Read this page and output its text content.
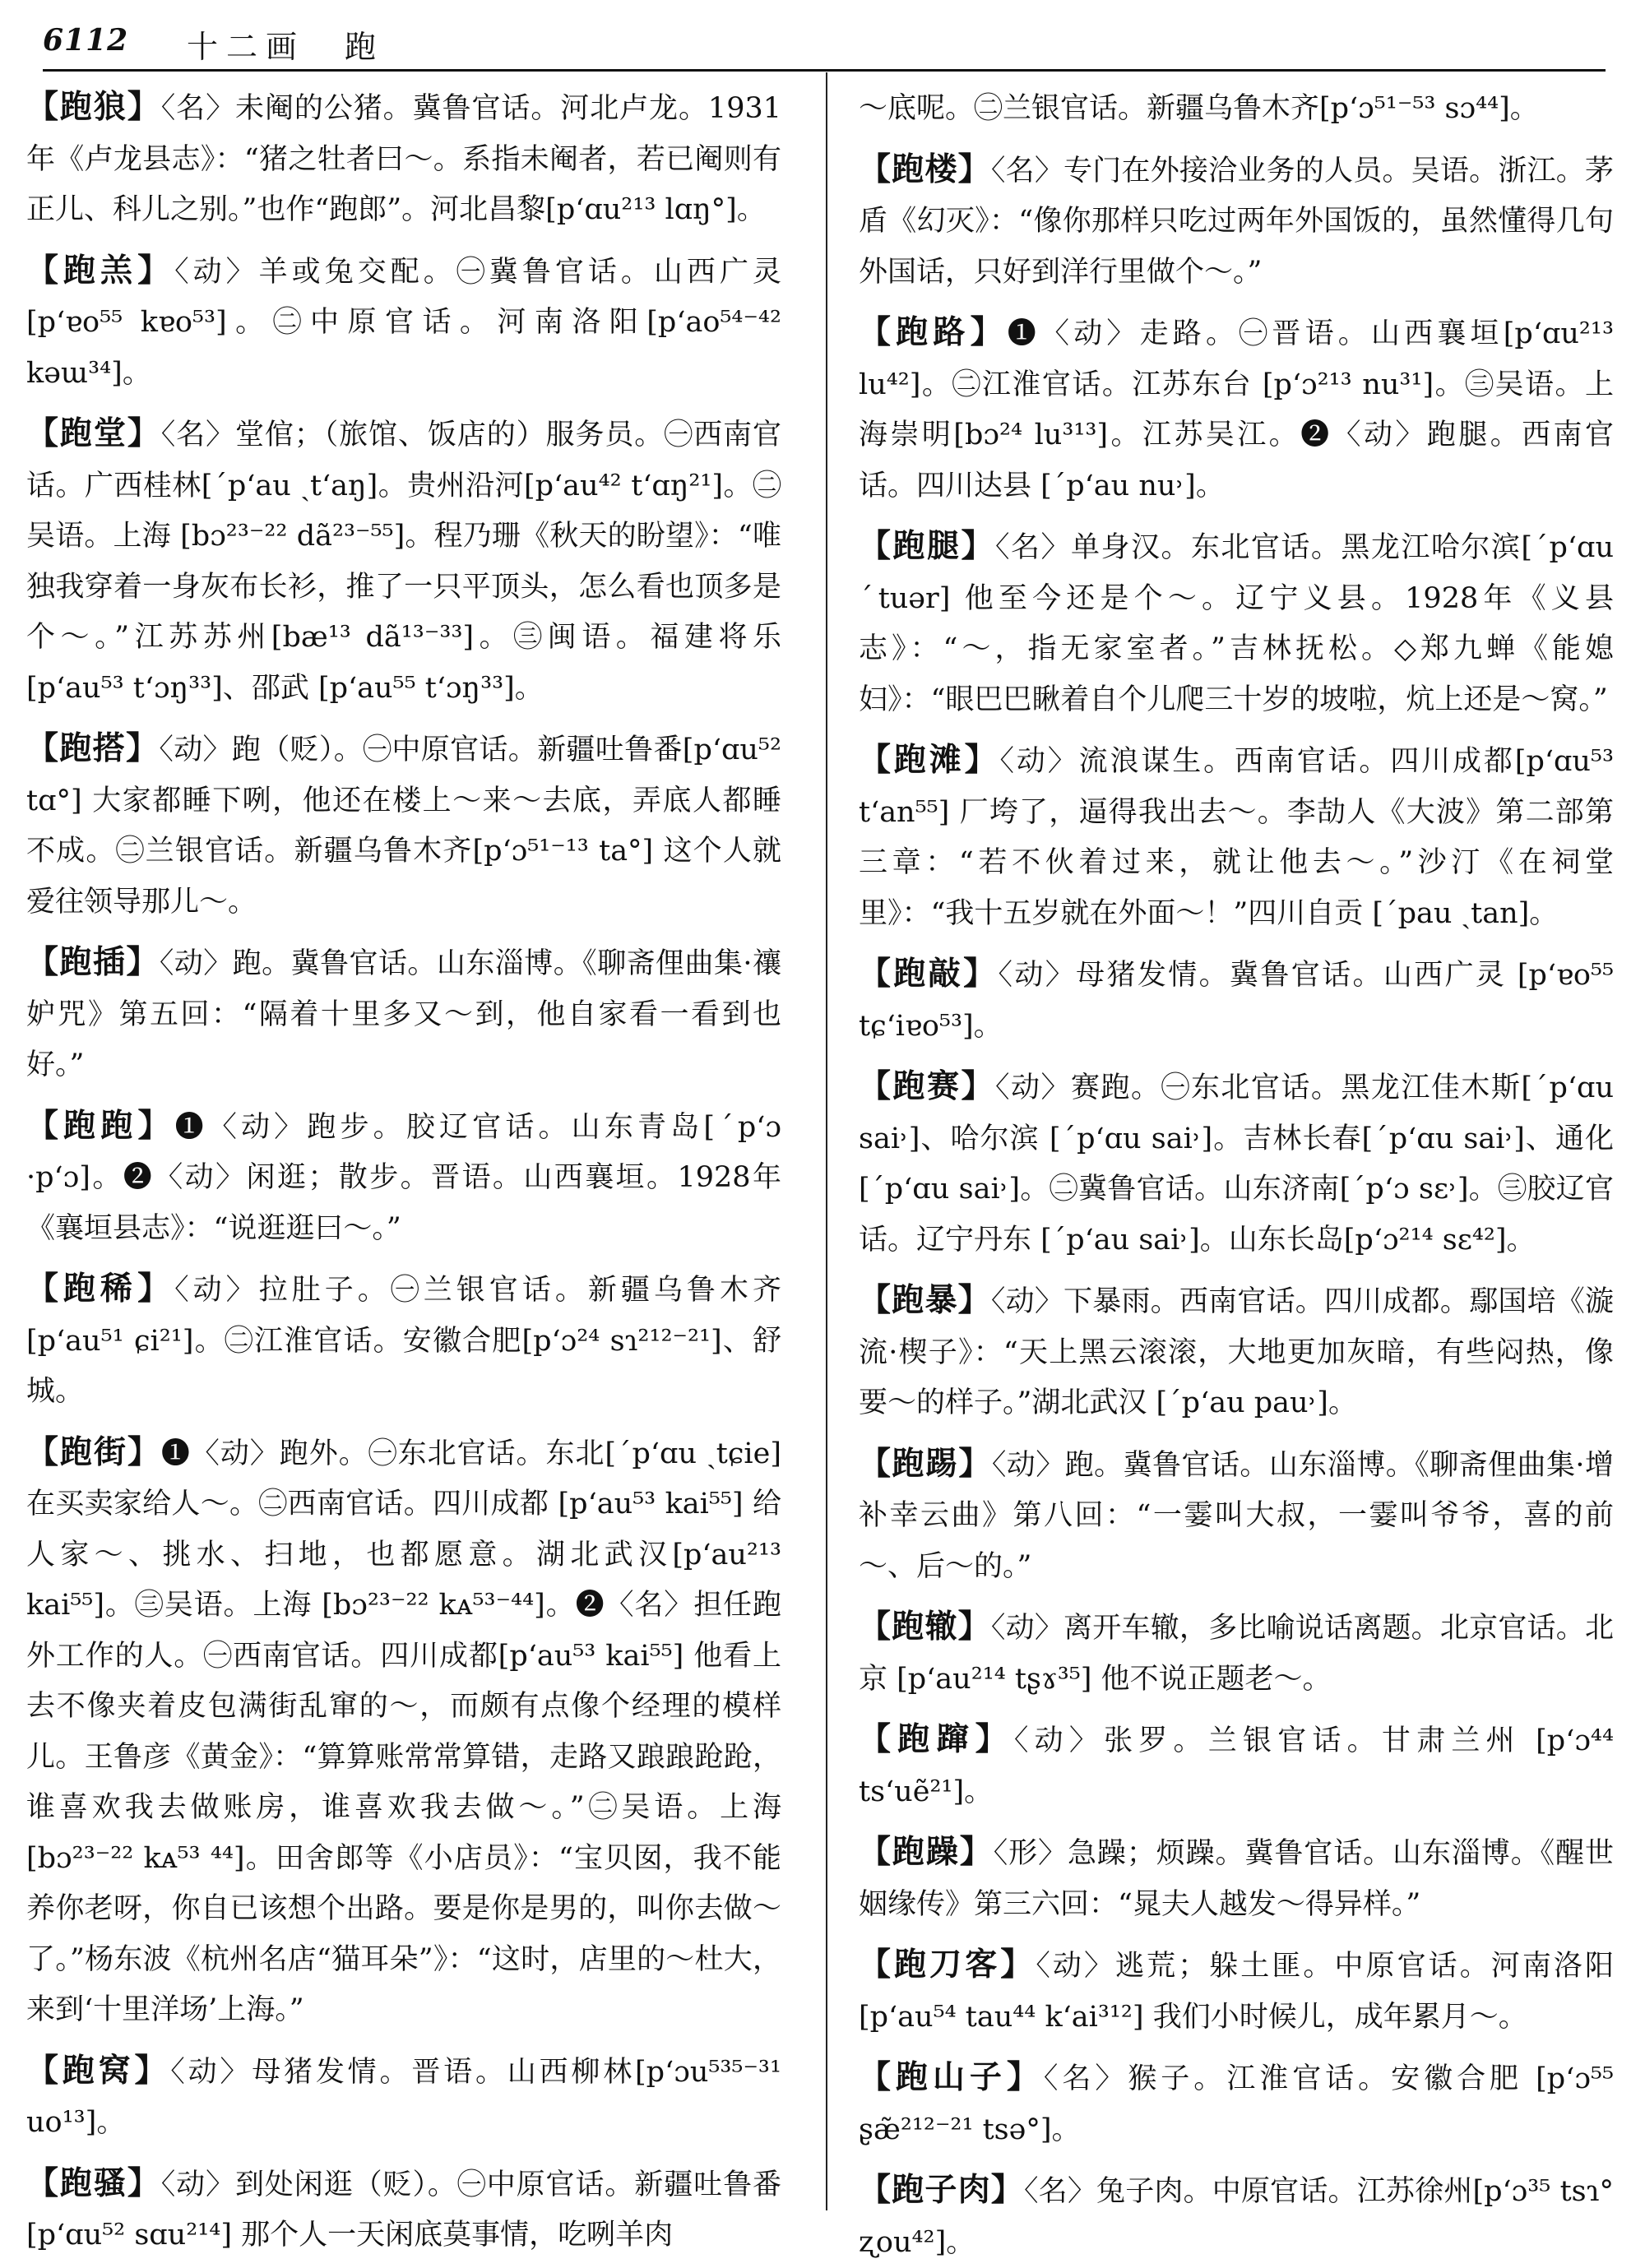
6112 十二画　跑
【跑狼】〈名〉未阉的公猪。冀鲁官话。河北卢龙。1931年《卢龙县志》：“猪之牡者曰～。系指未阉者，若已阉则有正儿、科儿之别。”也作“跑郎”。河北昌黎[p‘ɑu²¹³ lɑŋ°]。
【跑羔】〈动〉羊或兔交配。㊀冀鲁官话。山西广灵[p‘ɐo⁵⁵ kɐo⁵³]。㊁中原官话。河南洛阳[p‘ao⁵⁴⁻⁴² kəɯ³⁴]。
【跑堂】〈名〉堂倌；（旅馆、饭店的）服务员。㊀西南官话。广西桂林[ˊp‘au ˏt‘aŋ]。贵州沿河[p‘au⁴² t‘ɑŋ²¹]。㊁吴语。上海 [bɔ²³⁻²² dã²³⁻⁵⁵]。程乃珊《秋天的盼望》：“唯独我穿着一身灰布长衫，推了一只平顶头，怎么看也顶多是个～。”江苏苏州[bæ¹³ dã¹³⁻³³]。㊂闽语。福建将乐 [p‘au⁵³ t‘ɔŋ³³]、邵武 [p‘au⁵⁵ t‘ɔŋ³³]。
【跑搭】〈动〉跑（贬）。㊀中原官话。新疆吐鲁番[p‘ɑu⁵² tɑ°] 大家都睡下咧，他还在楼上～来～去底，弄底人都睡不成。㊁兰银官话。新疆乌鲁木齐[p‘ɔ⁵¹⁻¹³ ta°] 这个人就爱往领导那儿～。
【跑插】〈动〉跑。冀鲁官话。山东淄博。《聊斋俚曲集·禳妒咒》第五回：“隔着十里多又～到，他自家看一看到也好。”
【跑跑】❶〈动〉跑步。胶辽官话。山东青岛[ˊp‘ɔ ·p‘ɔ]。❷〈动〉闲逛；散步。晋语。山西襄垣。1928年《襄垣县志》：“说逛逛曰～。”
【跑稀】〈动〉拉肚子。㊀兰银官话。新疆乌鲁木齐[p‘au⁵¹ ɕi²¹]。㊁江淮官话。安徽合肥[p‘ɔ²⁴ sɿ²¹²⁻²¹]、舒城。
【跑街】❶〈动〉跑外。㊀东北官话。东北[ˊp‘ɑu ˏtɕie] 在买卖家给人～。㊁西南官话。四川成都 [p‘au⁵³ kai⁵⁵] 给人家～、挑水、扫地，也都愿意。湖北武汉[p‘au²¹³ kai⁵⁵]。㊂吴语。上海 [bɔ²³⁻²² kᴀ⁵³⁻⁴⁴]。❷〈名〉担任跑外工作的人。㊀西南官话。四川成都[p‘au⁵³ kai⁵⁵] 他看上去不像夹着皮包满街乱窜的～，而颇有点像个经理的模样儿。王鲁彦《黄金》：“算算账常常算错，走路又踉踉跄跄，谁喜欢我去做账房，谁喜欢我去做～。”㊁吴语。上海 [bɔ²³⁻²² kᴀ⁵³ ⁴⁴]。田舍郎等《小店员》：“宝贝囡，我不能养你老呀，你自已该想个出路。要是你是男的，叫你去做～了。”杨东波《杭州名店“猫耳朵”》：“这时，店里的～杜大，来到‘十里洋场’上海。”
【跑窝】〈动〉母猪发情。晋语。山西柳林[p‘ɔu⁵³⁵⁻³¹ uo¹³]。
【跑骚】〈动〉到处闲逛（贬）。㊀中原官话。新疆吐鲁番[p‘ɑu⁵² sɑu²¹⁴] 那个人一天闲底莫事情，吃咧羊肉
～底呢。㊁兰银官话。新疆乌鲁木齐[p‘ɔ⁵¹⁻⁵³ sɔ⁴⁴]。
【跑楼】〈名〉专门在外接洽业务的人员。吴语。浙江。茅盾《幻灭》：“像你那样只吃过两年外国饭的，虽然懂得几句外国话，只好到洋行里做个～。”
【跑路】❶〈动〉走路。㊀晋语。山西襄垣[p‘ɑu²¹³ lu⁴²]。㊁江淮官话。江苏东台 [p‘ɔ²¹³ nu³¹]。㊂吴语。上海崇明[bɔ²⁴ lu³¹³]。江苏吴江。❷〈动〉跑腿。西南官话。四川达县 [ˊp‘au nu˒]。
【跑腿】〈名〉单身汉。东北官话。黑龙江哈尔滨[ˊp‘ɑu ˊtuər] 他至今还是个～。辽宁义县。1928年《义县志》：“～，指无家室者。”吉林抚松。◇郑九蝉《能媳妇》：“眼巴巴瞅着自个儿爬三十岁的坡啦，炕上还是～窝。”
【跑滩】〈动〉流浪谋生。西南官话。四川成都[p‘ɑu⁵³ t‘an⁵⁵] 厂垮了，逼得我出去～。李劼人《大波》第二部第三章：“若不伙着过来，就让他去～。”沙汀《在祠堂里》：“我十五岁就在外面～！”四川自贡 [ˊpau ˏtan]。
【跑敲】〈动〉母猪发情。冀鲁官话。山西广灵 [p‘ɐo⁵⁵ tɕ‘iɐo⁵³]。
【跑赛】〈动〉赛跑。㊀东北官话。黑龙江佳木斯[ˊp‘ɑu sai˒]、哈尔滨 [ˊp‘ɑu sai˒]。吉林长春[ˊp‘ɑu sai˒]、通化[ˊp‘ɑu sai˒]。㊁冀鲁官话。山东济南[ˊp‘ɔ sɛ˒]。㊂胶辽官话。辽宁丹东 [ˊp‘au sai˒]。山东长岛[p‘ɔ²¹⁴ sɛ⁴²]。
【跑暴】〈动〉下暴雨。西南官话。四川成都。鄢国培《漩流·楔子》：“天上黑云滚滚，大地更加灰暗，有些闷热，像要～的样子。”湖北武汉 [ˊp‘au pau˒]。
【跑踢】〈动〉跑。冀鲁官话。山东淄博。《聊斋俚曲集·增补幸云曲》第八回：“一霎叫大叔，一霎叫爷爷，喜的前～、后～的。”
【跑辙】〈动〉离开车辙，多比喻说话离题。北京官话。北京 [p‘au²¹⁴ tʂɤ³⁵] 他不说正题老～。
【跑蹿】〈动〉张罗。兰银官话。甘肃兰州 [p‘ɔ⁴⁴ ts‘uẽ²¹]。
【跑躁】〈形〉急躁；烦躁。冀鲁官话。山东淄博。《醒世姻缘传》第三六回：“晁夫人越发～得异样。”
【跑刀客】〈动〉逃荒；躲土匪。中原官话。河南洛阳[p‘au⁵⁴ tau⁴⁴ k‘ai³¹²] 我们小时候儿，成年累月～。
【跑山子】〈名〉猴子。江淮官话。安徽合肥 [p‘ɔ⁵⁵ ʂæ̃²¹²⁻²¹ tsə°]。
【跑子肉】〈名〉兔子肉。中原官话。江苏徐州[p‘ɔ³⁵ tsɿ° ʐou⁴²]。
